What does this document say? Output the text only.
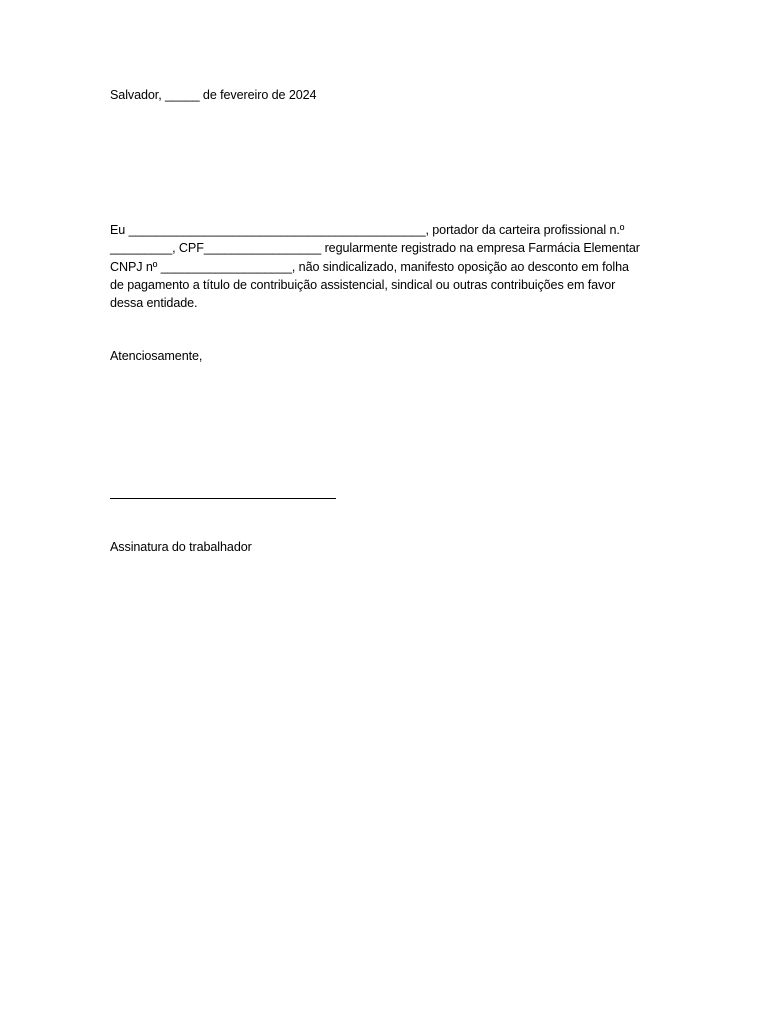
Salvador, _____ de fevereiro de 2024
Eu ___________________________________________, portador da carteira profissional n.º
_________, CPF_________________ regularmente registrado na empresa Farmácia Elementar
CNPJ nº ___________________, não sindicalizado, manifesto oposição ao desconto em folha
de pagamento a título de contribuição assistencial, sindical ou outras contribuições em favor
dessa entidade.
Atenciosamente,
Assinatura do trabalhador
